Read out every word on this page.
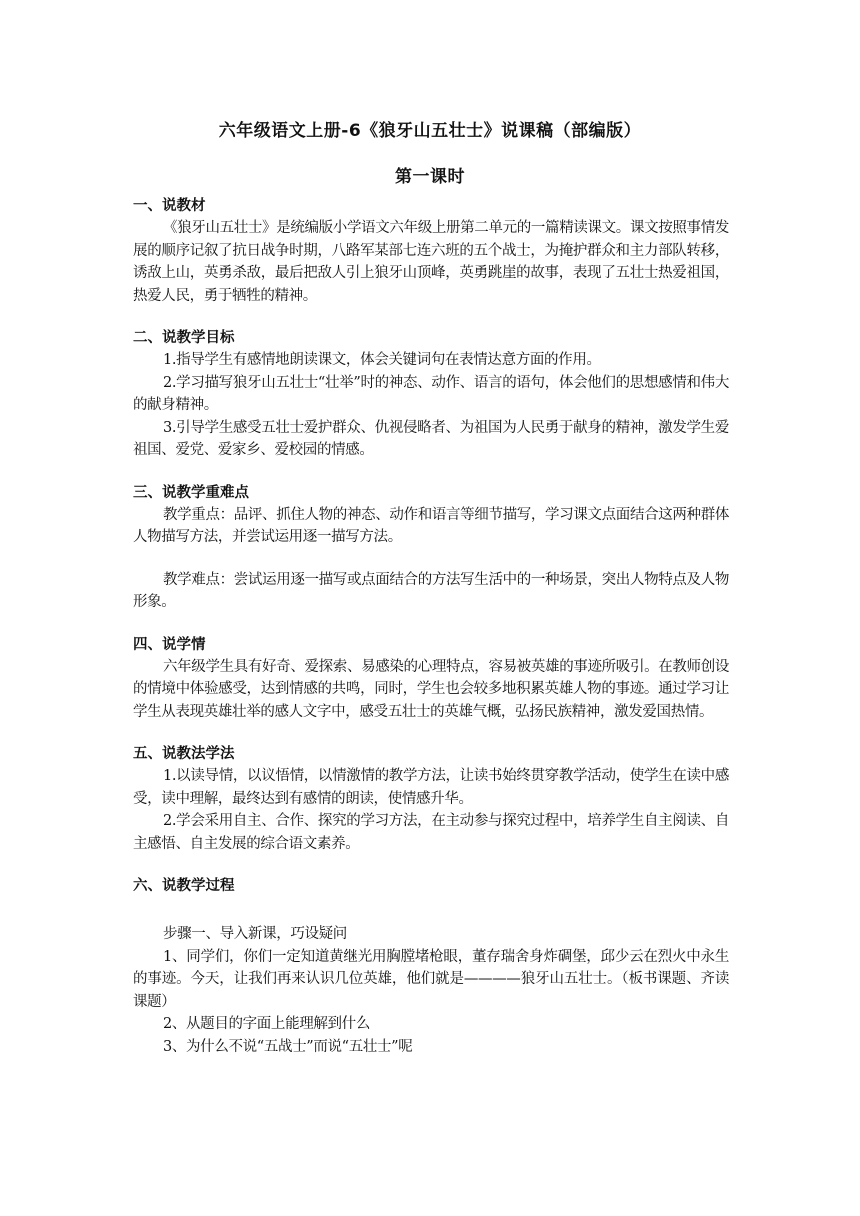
六年级语文上册-6《狼牙山五壮士》说课稿（部编版）
第一课时

一、说教材

《狼牙山五壮士》是统编版小学语文六年级上册第二单元的一篇精读课文。课文按照事情发展的顺序记叙了抗日战争时期，八路军某部七连六班的五个战士，为掩护群众和主力部队转移，诱敌上山，英勇杀敌，最后把敌人引上狼牙山顶峰，英勇跳崖的故事，表现了五壮士热爱祖国，热爱人民，勇于牺牲的精神。

二、说教学目标

1.指导学生有感情地朗读课文，体会关键词句在表情达意方面的作用。

2.学习描写狼牙山五壮士“壮举”时的神态、动作、语言的语句，体会他们的思想感情和伟大的献身精神。

3.引导学生感受五壮士爱护群众、仇视侵略者、为祖国为人民勇于献身的精神，激发学生爱祖国、爱党、爱家乡、爱校园的情感。

三、说教学重难点

教学重点：品评、抓住人物的神态、动作和语言等细节描写，学习课文点面结合这两种群体人物描写方法，并尝试运用逐一描写方法。

教学难点：尝试运用逐一描写或点面结合的方法写生活中的一种场景，突出人物特点及人物形象。

四、说学情

六年级学生具有好奇、爱探索、易感染的心理特点，容易被英雄的事迹所吸引。在教师创设的情境中体验感受，达到情感的共鸣，同时，学生也会较多地积累英雄人物的事迹。通过学习让学生从表现英雄壮举的感人文字中，感受五壮士的英雄气概，弘扬民族精神，激发爱国热情。

五、说教法学法

1.以读导情，以议悟情，以情激情的教学方法，让读书始终贯穿教学活动，使学生在读中感受，读中理解，最终达到有感情的朗读，使情感升华。

2.学会采用自主、合作、探究的学习方法，在主动参与探究过程中，培养学生自主阅读、自主感悟、自主发展的综合语文素养。

六、说教学过程

步骤一、导入新课，巧设疑问

1、同学们，你们一定知道黄继光用胸膛堵枪眼，董存瑞舍身炸碉堡，邱少云在烈火中永生的事迹。今天，让我们再来认识几位英雄，他们就是————狼牙山五壮士。（板书课题、齐读课题）

2、从题目的字面上能理解到什么

3、为什么不说“五战士”而说“五壮士”呢
